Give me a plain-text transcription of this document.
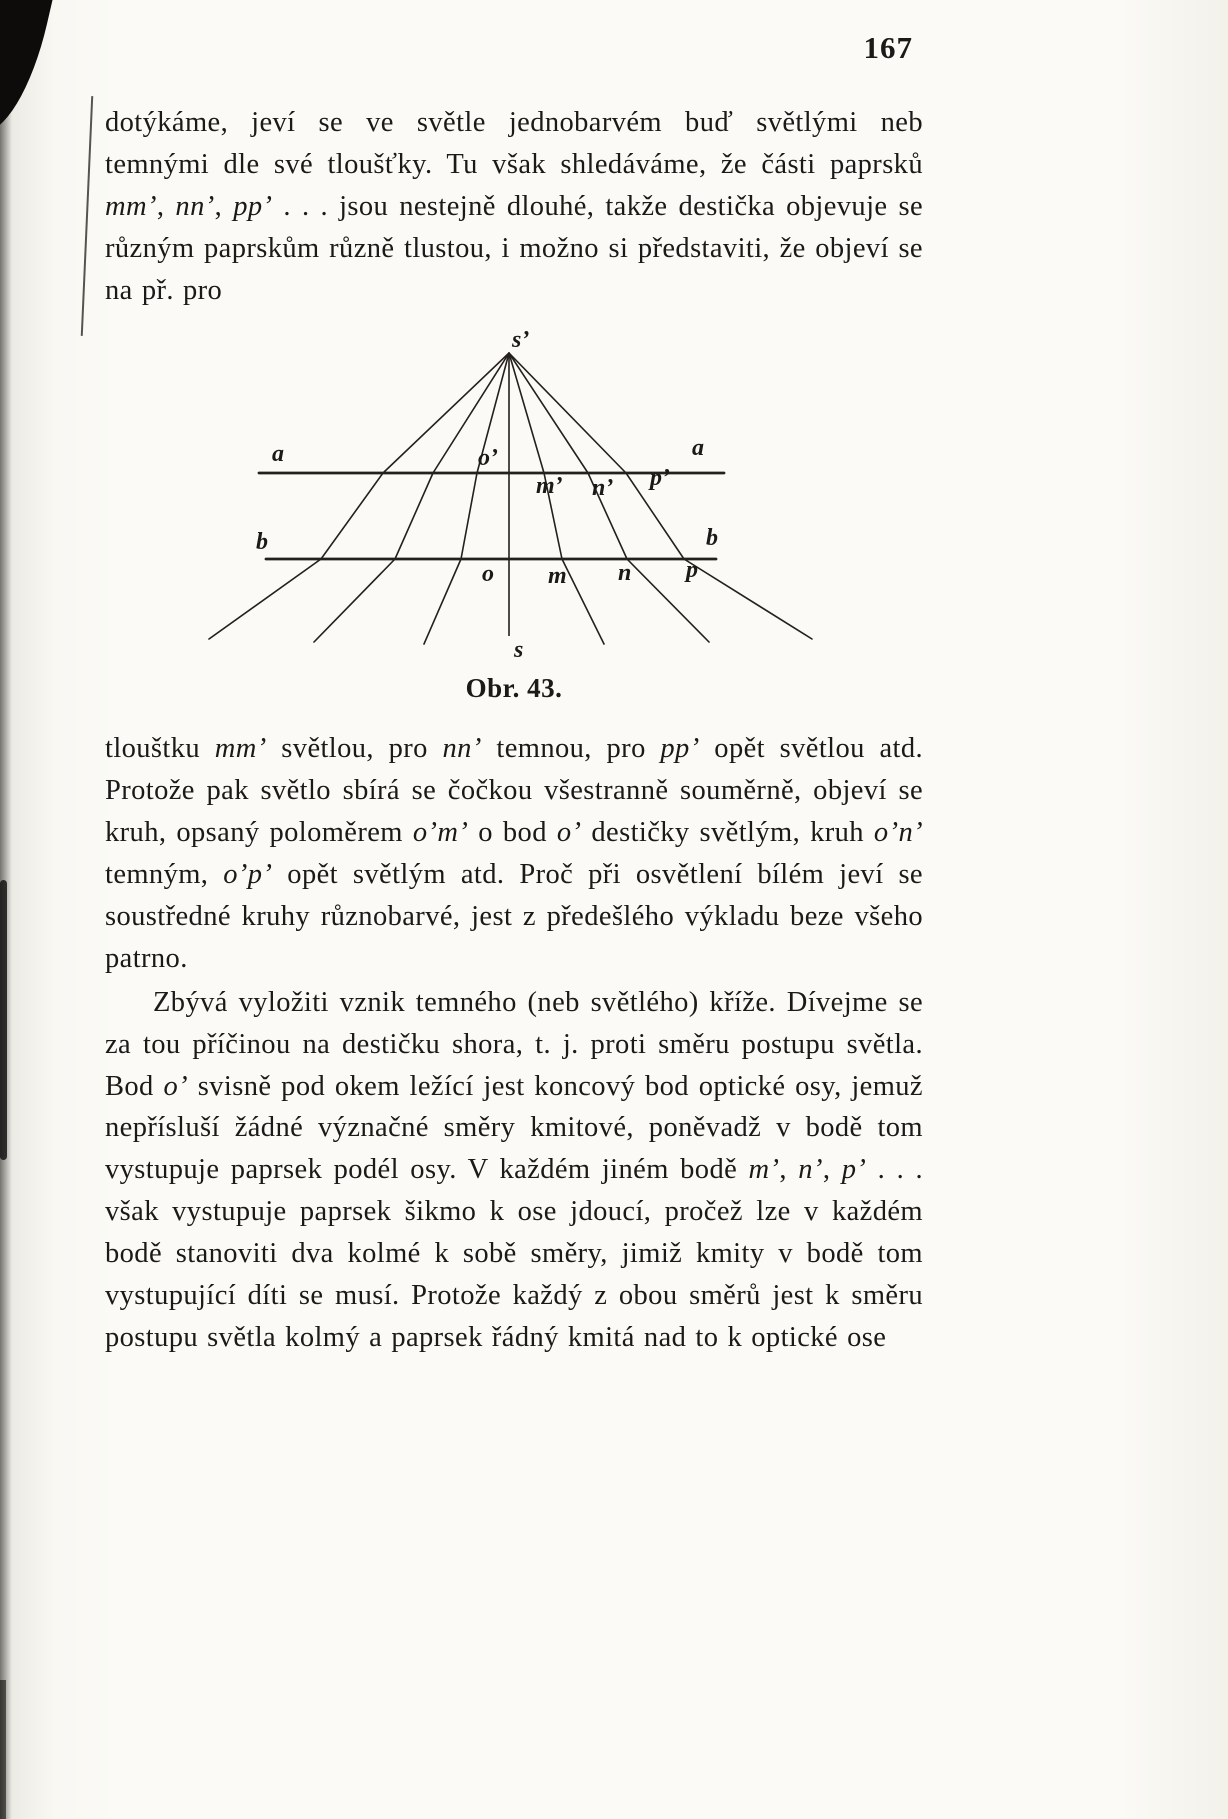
167

dotýkáme, jeví se ve světle jednobarvém buď světlými neb temnými dle své tloušťky. Tu však shledáváme, že části paprsků mm’, nn’, pp’ . . . jsou nestejně dlouhé, takže destička objevuje se různým paprskům různě tlustou, i možno si představiti, že objeví se na př. pro

s’
a	a
o’
m’ n’ p’
b	b
o m n p
s
Obr. 43.

tlouštku mm’ světlou, pro nn’ temnou, pro pp’ opět světlou atd. Protože pak světlo sbírá se čočkou všestranně souměrně, objeví se kruh, opsaný poloměrem o’m’ o bod o’ destičky světlým, kruh o’n’ temným, o’p’ opět světlým atd. Proč při osvětlení bílém jeví se soustředné kruhy různobarvé, jest z předešlého výkladu beze všeho patrno.

Zbývá vyložiti vznik temného (neb světlého) kříže. Dívejme se za tou příčinou na destičku shora, t. j. proti směru postupu světla. Bod o’ svisně pod okem ležící jest koncový bod optické osy, jemuž nepřísluší žádné význačné směry kmitové, poněvadž v bodě tom vystupuje paprsek podél osy. V každém jiném bodě m’, n’, p’ . . . však vystupuje paprsek šikmo k ose jdoucí, pročež lze v každém bodě stanoviti dva kolmé k sobě směry, jimiž kmity v bodě tom vystupující díti se musí. Protože každý z obou směrů jest k směru postupu světla kolmý a paprsek řádný kmitá nad to k optické ose
